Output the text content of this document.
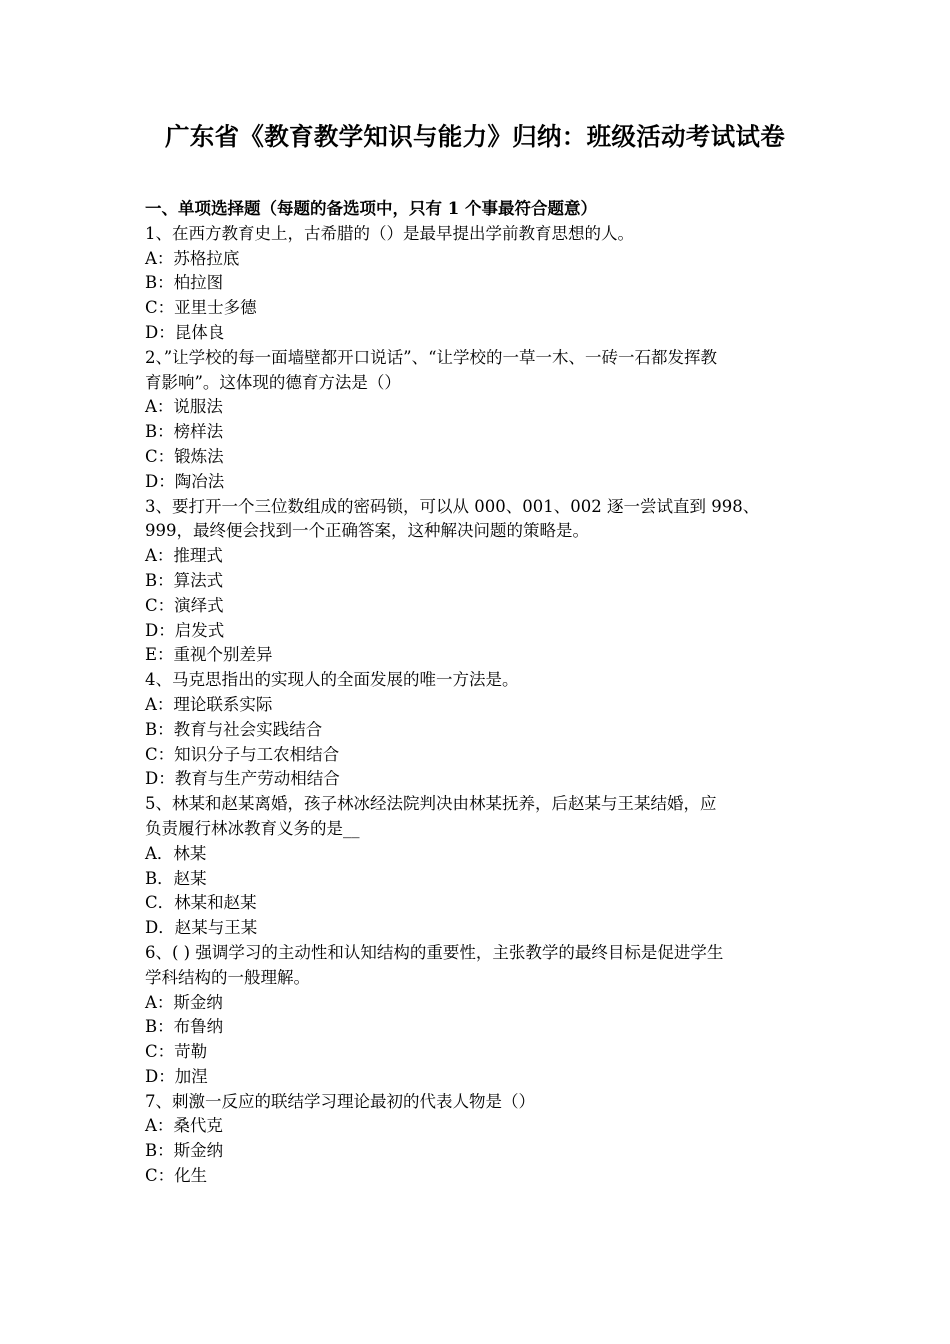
广东省《教育教学知识与能力》归纳：班级活动考试试卷
一、单项选择题（每题的备选项中，只有 1 个事最符合题意）
1、在西方教育史上，古希腊的（）是最早提出学前教育思想的人。
A：苏格拉底
B：柏拉图
C：亚里士多德
D：昆体良
2、”让学校的每一面墙壁都开口说话”、“让学校的一草一木、一砖一石都发挥教
育影响”。这体现的德育方法是（）
A：说服法
B：榜样法
C：锻炼法
D：陶冶法
3、要打开一个三位数组成的密码锁，可以从 000、001、002 逐一尝试直到 998、
999，最终便会找到一个正确答案，这种解决问题的策略是。
A：推理式
B：算法式
C：演绎式
D：启发式
E：重视个别差异
4、马克思指出的实现人的全面发展的唯一方法是。
A：理论联系实际
B：教育与社会实践结合
C：知识分子与工农相结合
D：教育与生产劳动相结合
5、林某和赵某离婚，孩子林冰经法院判决由林某抚养，后赵某与王某结婚，应
负责履行林冰教育义务的是__
A．林某
B．赵某
C．林某和赵某
D．赵某与王某
6、( ) 强调学习的主动性和认知结构的重要性，主张教学的最终目标是促进学生
学科结构的一般理解。
A：斯金纳
B：布鲁纳
C：苛勒
D：加涅
7、刺激一反应的联结学习理论最初的代表人物是（）
A：桑代克
B：斯金纳
C：化生
